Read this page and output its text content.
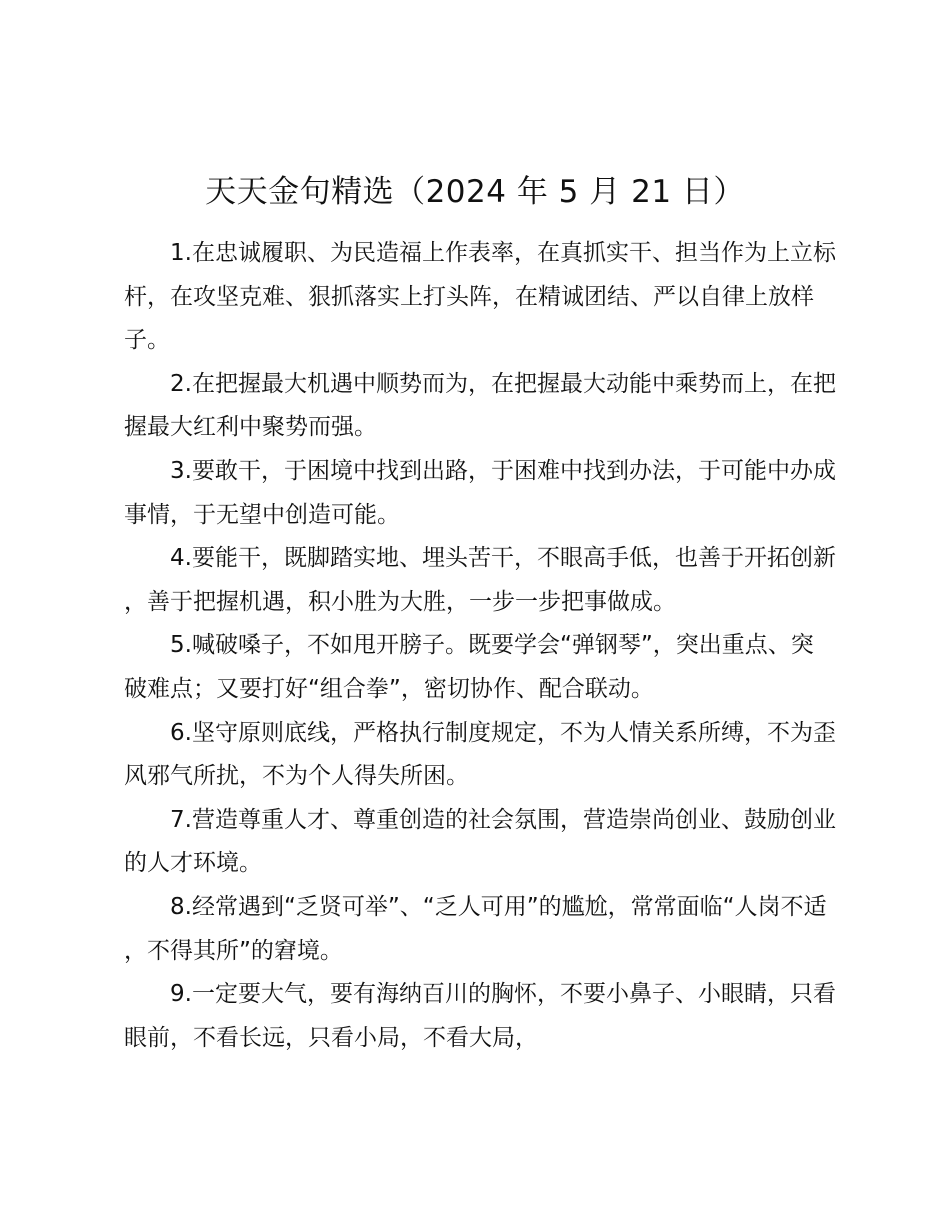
天天金句精选（2024 年 5 月 21 日）

1.在忠诚履职、为民造福上作表率，在真抓实干、担当作为上立标杆，在攻坚克难、狠抓落实上打头阵，在精诚团结、严以自律上放样子。

2.在把握最大机遇中顺势而为，在把握最大动能中乘势而上，在把握最大红利中聚势而强。

3.要敢干，于困境中找到出路，于困难中找到办法，于可能中办成事情，于无望中创造可能。

4.要能干，既脚踏实地、埋头苦干，不眼高手低，也善于开拓创新，善于把握机遇，积小胜为大胜，一步一步把事做成。

5.喊破嗓子，不如甩开膀子。既要学会“弹钢琴”，突出重点、突破难点；又要打好“组合拳”，密切协作、配合联动。

6.坚守原则底线，严格执行制度规定，不为人情关系所缚，不为歪风邪气所扰，不为个人得失所困。

7.营造尊重人才、尊重创造的社会氛围，营造崇尚创业、鼓励创业的人才环境。

8.经常遇到“乏贤可举”、“乏人可用”的尴尬，常常面临“人岗不适，不得其所”的窘境。

9.一定要大气，要有海纳百川的胸怀，不要小鼻子、小眼睛，只看眼前，不看长远，只看小局，不看大局，
